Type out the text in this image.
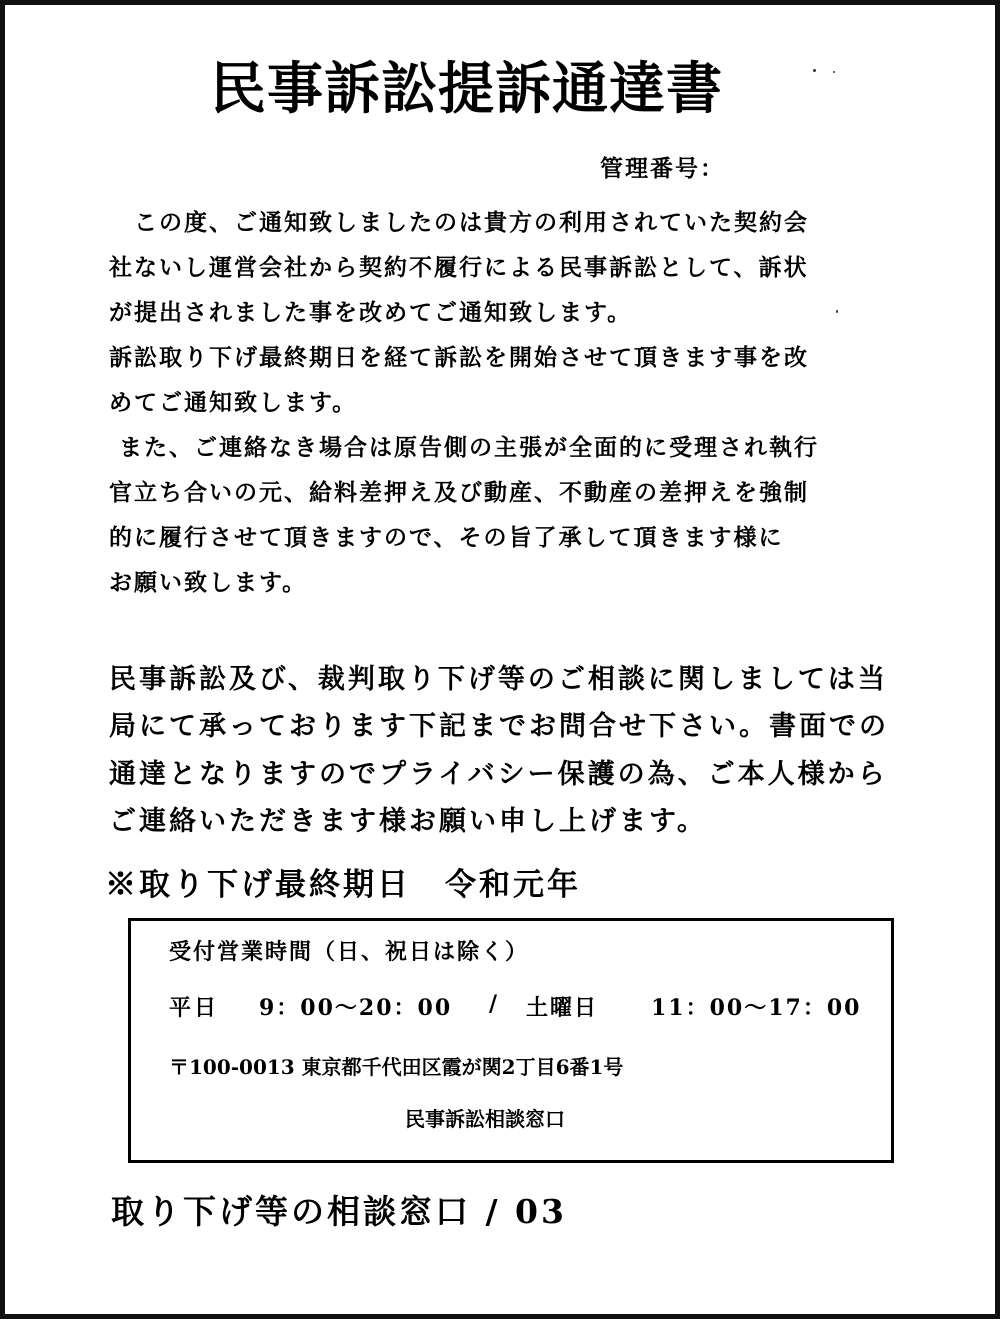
民事訴訟提訴通達書
管理番号：
　この度、ご通知致しましたのは貴方の利用されていた契約会
社ないし運営会社から契約不履行による民事訴訟として、訴状
が提出されました事を改めてご通知致します。
訴訟取り下げ最終期日を経て訴訟を開始させて頂きます事を改
めてご通知致します。
また、ご連絡なき場合は原告側の主張が全面的に受理され執行
官立ち合いの元、給料差押え及び動産、不動産の差押えを強制
的に履行させて頂きますので、その旨了承して頂きます様に
お願い致します。
民事訴訟及び、裁判取り下げ等のご相談に関しましては当
局にて承っております下記までお問合せ下さい。書面での
通達となりますのでプライバシー保護の為、ご本人様から
ご連絡いただきます様お願い申し上げます。
※取り下げ最終期日　令和元年
受付営業時間（日、祝日は除く）
平日 9：00～20：00 / 土曜日 11：00～17：00
〒100-0013 東京都千代田区霞が関2丁目6番1号
民事訴訟相談窓口
取り下げ等の相談窓口 / 03
